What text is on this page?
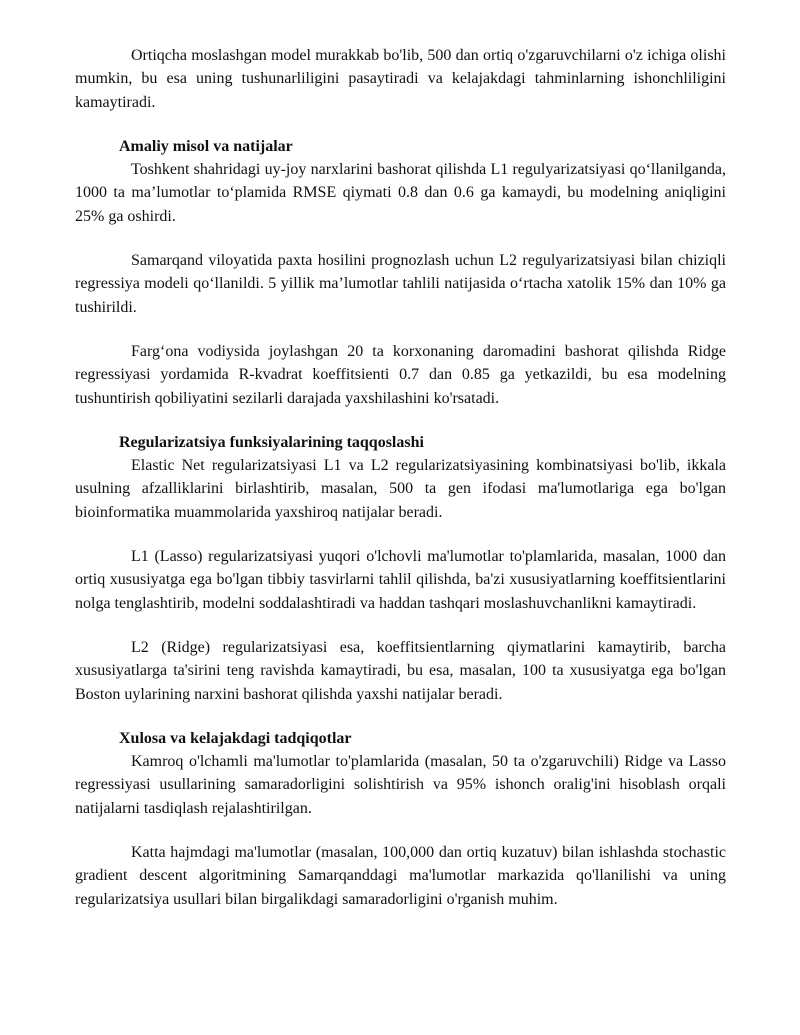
Ortiqcha moslashgan model murakkab bo'lib, 500 dan ortiq o'zgaruvchilarni o'z ichiga olishi mumkin, bu esa uning tushunarliligini pasaytiradi va kelajakdagi tahminlarning ishonchliligini kamaytiradi.

Amaliy misol va natijalar

Toshkent shahridagi uy-joy narxlarini bashorat qilishda L1 regulyarizatsiyasi qo‘llanilganda, 1000 ta ma’lumotlar to‘plamida RMSE qiymati 0.8 dan 0.6 ga kamaydi, bu modelning aniqligini 25% ga oshirdi.

Samarqand viloyatida paxta hosilini prognozlash uchun L2 regulyarizatsiyasi bilan chiziqli regressiya modeli qo‘llanildi. 5 yillik ma’lumotlar tahlili natijasida o‘rtacha xatolik 15% dan 10% ga tushirildi.

Farg‘ona vodiysida joylashgan 20 ta korxonaning daromadini bashorat qilishda Ridge regressiyasi yordamida R-kvadrat koeffitsienti 0.7 dan 0.85 ga yetkazildi, bu esa modelning tushuntirish qobiliyatini sezilarli darajada yaxshilashini ko'rsatadi.

Regularizatsiya funksiyalarining taqqoslashi

Elastic Net regularizatsiyasi L1 va L2 regularizatsiyasining kombinatsiyasi bo'lib, ikkala usulning afzalliklarini birlashtirib, masalan, 500 ta gen ifodasi ma'lumotlariga ega bo'lgan bioinformatika muammolarida yaxshiroq natijalar beradi.

L1 (Lasso) regularizatsiyasi yuqori o'lchovli ma'lumotlar to'plamlarida, masalan, 1000 dan ortiq xususiyatga ega bo'lgan tibbiy tasvirlarni tahlil qilishda, ba'zi xususiyatlarning koeffitsientlarini nolga tenglashtirib, modelni soddalashtiradi va haddan tashqari moslashuvchanlikni kamaytiradi.

L2 (Ridge) regularizatsiyasi esa, koeffitsientlarning qiymatlarini kamaytirib, barcha xususiyatlarga ta'sirini teng ravishda kamaytiradi, bu esa, masalan, 100 ta xususiyatga ega bo'lgan Boston uylarining narxini bashorat qilishda yaxshi natijalar beradi.

Xulosa va kelajakdagi tadqiqotlar

Kamroq o'lchamli ma'lumotlar to'plamlarida (masalan, 50 ta o'zgaruvchili) Ridge va Lasso regressiyasi usullarining samaradorligini solishtirish va 95% ishonch oralig'ini hisoblash orqali natijalarni tasdiqlash rejalashtirilgan.

Katta hajmdagi ma'lumotlar (masalan, 100,000 dan ortiq kuzatuv) bilan ishlashda stochastic gradient descent algoritmining Samarqanddagi ma'lumotlar markazida qo'llanilishi va uning regularizatsiya usullari bilan birgalikdagi samaradorligini o'rganish muhim.
